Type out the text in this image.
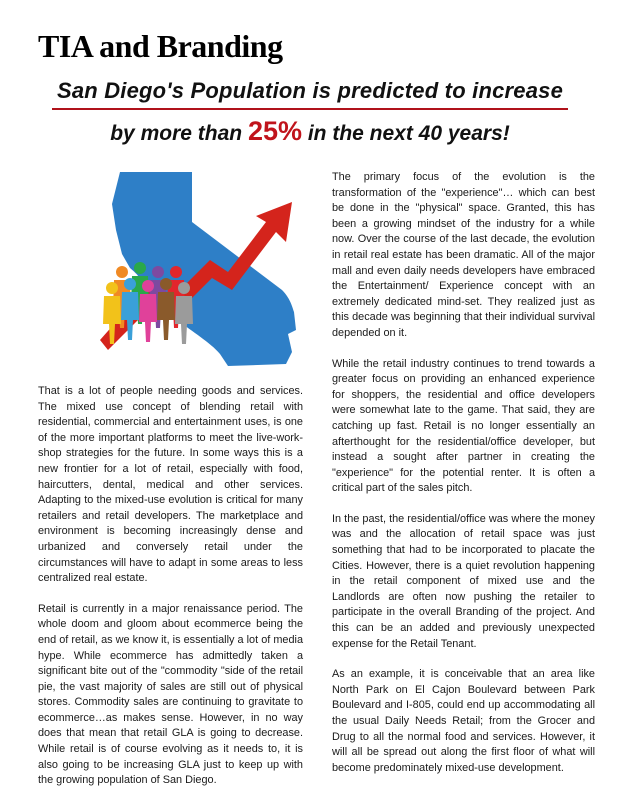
TIA and Branding
San Diego's Population is predicted to increase
by more than 25% in the next 40 years!

That is a lot of people needing goods and services. The mixed use concept of blending retail with residential, commercial and entertainment uses, is one of the more important platforms to meet the live-work-shop strategies for the future. In some ways this is a new frontier for a lot of retail, especially with food, haircutters, dental, medical and other services. Adapting to the mixed-use evolution is critical for many retailers and retail developers. The marketplace and environment is becoming increasingly dense and urbanized and conversely retail under the circumstances will have to adapt in some areas to less centralized real estate.

Retail is currently in a major renaissance period. The whole doom and gloom about ecommerce being the end of retail, as we know it, is essentially a lot of media hype. While ecommerce has admittedly taken a significant bite out of the "commodity "side of the retail pie, the vast majority of sales are still out of physical stores. Commodity sales are continuing to gravitate to ecommerce…as makes sense. However, in no way does that mean that retail GLA is going to decrease. While retail is of course evolving as it needs to, it is also going to be increasing GLA just to keep up with the growing population of San Diego.

The primary focus of the evolution is the transformation of the "experience"… which can best be done in the "physical" space. Granted, this has been a growing mindset of the industry for a while now. Over the course of the last decade, the evolution in retail real estate has been dramatic. All of the major mall and even daily needs developers have embraced the Entertainment/ Experience concept with an extremely dedicated mind-set. They realized just as this decade was beginning that their individual survival depended on it.

While the retail industry continues to trend towards a greater focus on providing an enhanced experience for shoppers, the residential and office developers were somewhat late to the game. That said, they are catching up fast. Retail is no longer essentially an afterthought for the residential/office developer, but instead a sought after partner in creating the "experience" for the potential renter. It is often a critical part of the sales pitch.

In the past, the residential/office was where the money was and the allocation of retail space was just something that had to be incorporated to placate the Cities. However, there is a quiet revolution happening in the retail component of mixed use and the Landlords are often now pushing the retailer to participate in the overall Branding of the project. And this can be an added and previously unexpected expense for the Retail Tenant.

As an example, it is conceivable that an area like North Park on El Cajon Boulevard between Park Boulevard and I-805, could end up accommodating all the usual Daily Needs Retail; from the Grocer and Drug to all the normal food and services. However, it will all be spread out along the first floor of what will become predominately mixed-use development.
